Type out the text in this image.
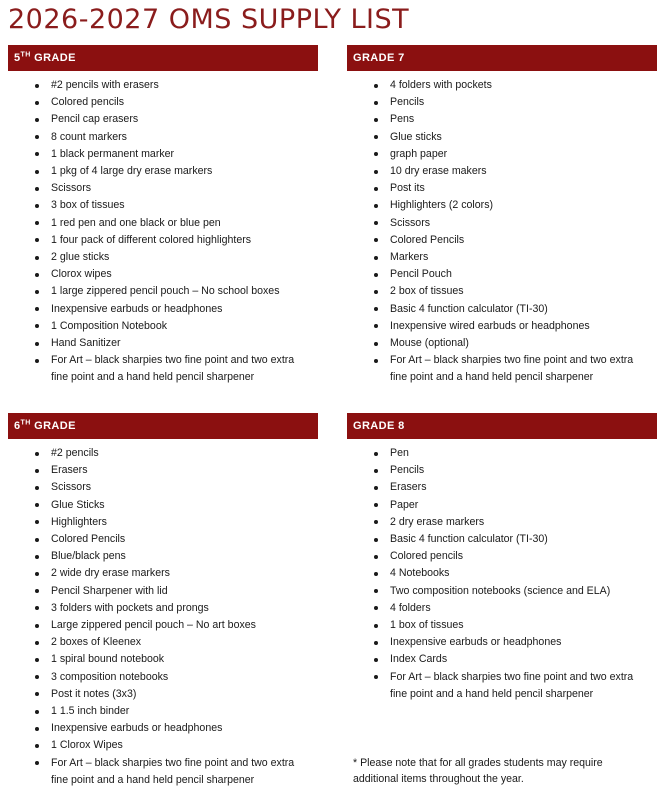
2026-2027 OMS SUPPLY LIST
5TH GRADE
#2 pencils with erasers
Colored pencils
Pencil cap erasers
8 count markers
1 black permanent marker
1 pkg of 4 large dry erase markers
Scissors
3 box of tissues
1 red pen and one black or blue pen
1 four pack of different colored highlighters
2 glue sticks
Clorox wipes
1 large zippered pencil pouch – No school boxes
Inexpensive earbuds or headphones
1 Composition Notebook
Hand Sanitizer
For Art – black sharpies two fine point and two extra fine point and a hand held pencil sharpener
GRADE 7
4 folders with pockets
Pencils
Pens
Glue sticks
graph paper
10 dry erase makers
Post its
Highlighters (2 colors)
Scissors
Colored Pencils
Markers
Pencil Pouch
2 box of tissues
Basic 4 function calculator (TI-30)
Inexpensive wired earbuds or headphones
Mouse (optional)
For Art – black sharpies two fine point and two extra fine point and a hand held pencil sharpener
6TH GRADE
#2 pencils
Erasers
Scissors
Glue Sticks
Highlighters
Colored Pencils
Blue/black pens
2 wide dry erase markers
Pencil Sharpener with lid
3 folders with pockets and prongs
Large zippered pencil pouch – No art boxes
2 boxes of Kleenex
1 spiral bound notebook
3 composition notebooks
Post it notes (3x3)
1 1.5 inch binder
Inexpensive earbuds or headphones
1 Clorox Wipes
For Art – black sharpies two fine point and two extra fine point and a hand held pencil sharpener
GRADE 8
Pen
Pencils
Erasers
Paper
2 dry erase markers
Basic 4 function calculator (TI-30)
Colored pencils
4 Notebooks
Two composition notebooks (science and ELA)
4 folders
1 box of tissues
Inexpensive earbuds or headphones
Index Cards
For Art – black sharpies two fine point and two extra fine point and a hand held pencil sharpener
* Please note that for all grades students may require additional items throughout the year.
